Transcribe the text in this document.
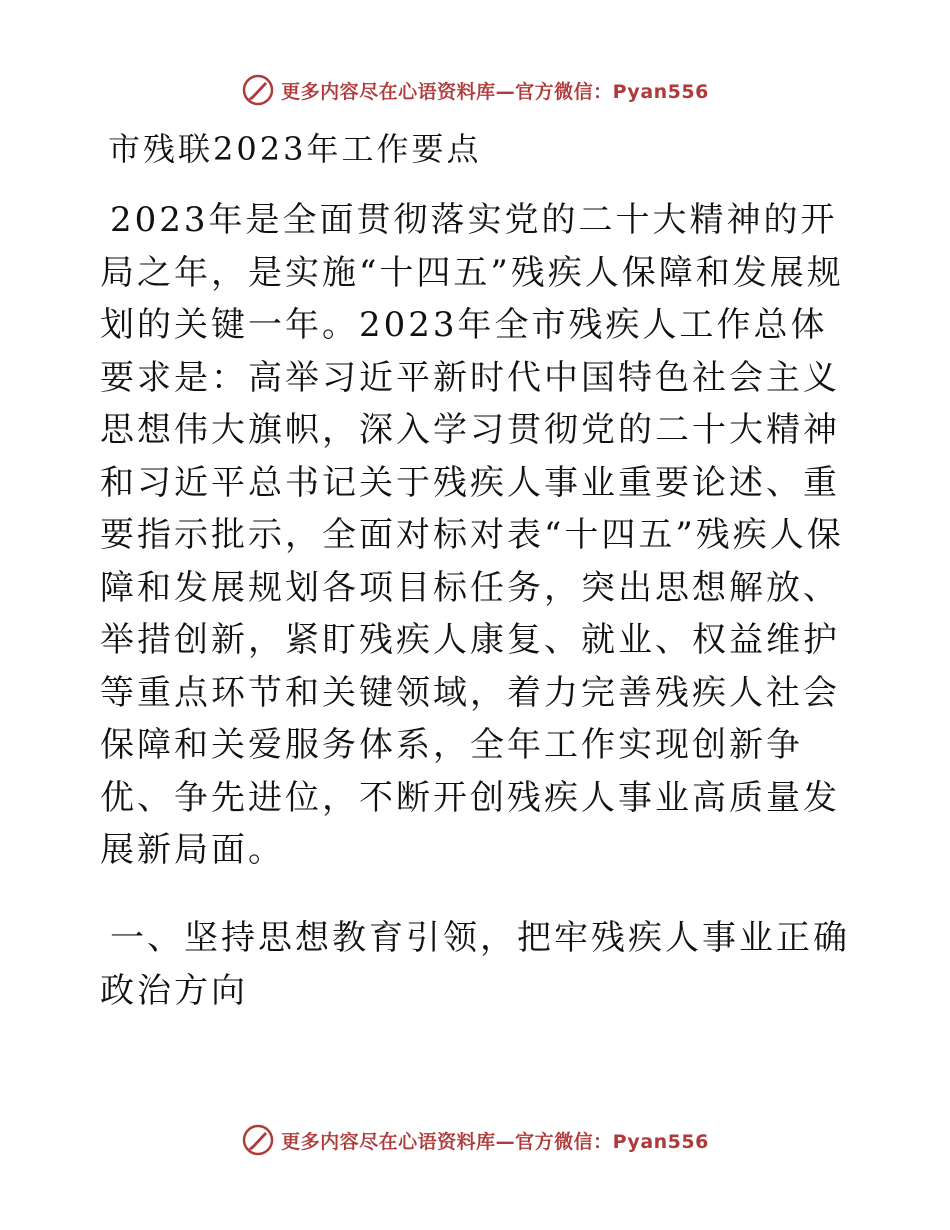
更多内容尽在心语资料库—官方微信：Pyan556
市残联2023年工作要点

2023年是全面贯彻落实党的二十大精神的开局之年，是实施“十四五”残疾人保障和发展规划的关键一年。2023年全市残疾人工作总体要求是：高举习近平新时代中国特色社会主义思想伟大旗帜，深入学习贯彻党的二十大精神和习近平总书记关于残疾人事业重要论述、重要指示批示，全面对标对表“十四五”残疾人保障和发展规划各项目标任务，突出思想解放、举措创新，紧盯残疾人康复、就业、权益维护等重点环节和关键领域，着力完善残疾人社会保障和关爱服务体系，全年工作实现创新争优、争先进位，不断开创残疾人事业高质量发展新局面。

一、坚持思想教育引领，把牢残疾人事业正确政治方向

更多内容尽在心语资料库—官方微信：Pyan556
